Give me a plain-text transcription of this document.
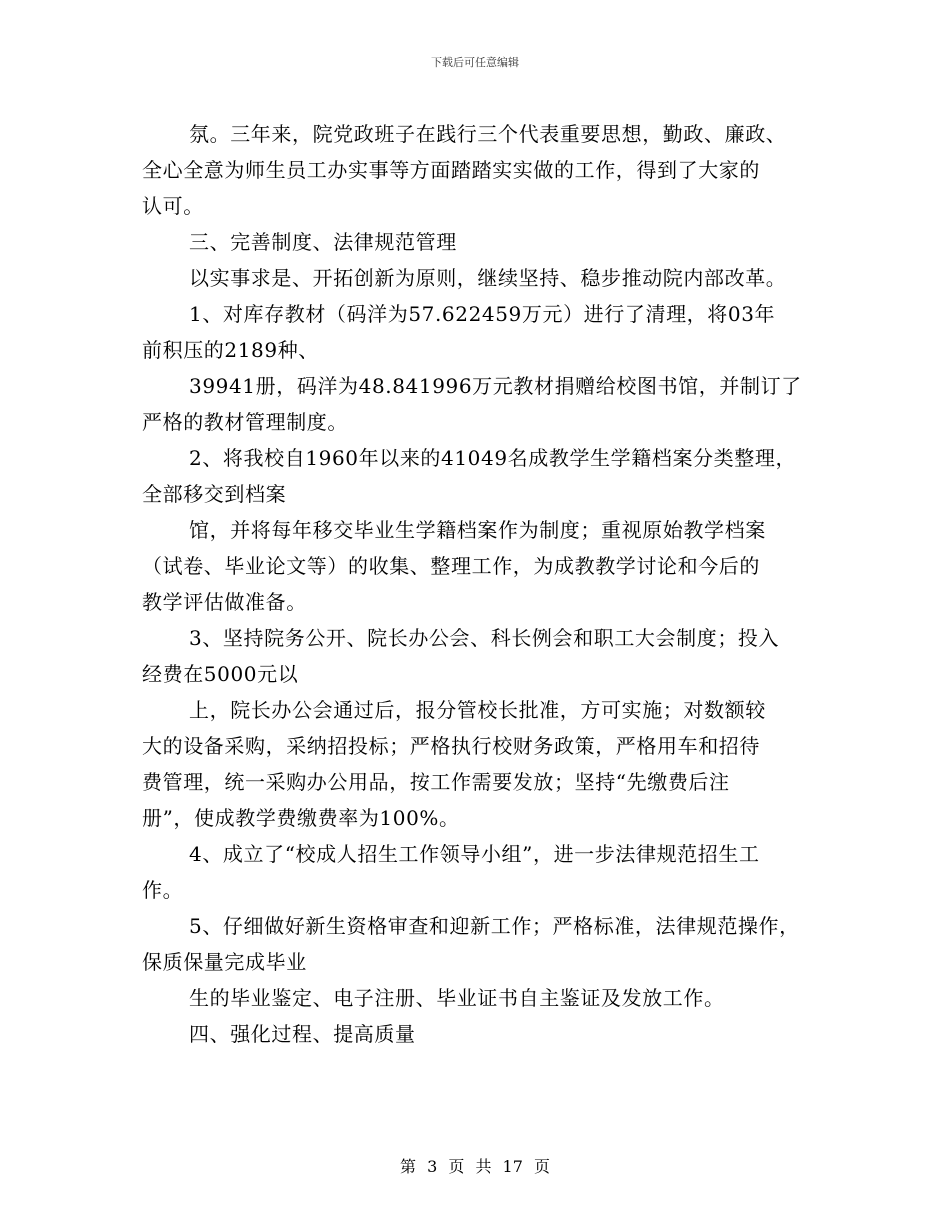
下载后可任意编辑
氛。三年来，院党政班子在践行三个代表重要思想，勤政、廉政、
全心全意为师生员工办实事等方面踏踏实实做的工作，得到了大家的
认可。
三、完善制度、法律规范管理
以实事求是、开拓创新为原则，继续坚持、稳步推动院内部改革。
1、对库存教材（码洋为57.622459万元）进行了清理，将03年
前积压的2189种、
39941册，码洋为48.841996万元教材捐赠给校图书馆，并制订了
严格的教材管理制度。
2、将我校自1960年以来的41049名成教学生学籍档案分类整理，
全部移交到档案
馆，并将每年移交毕业生学籍档案作为制度；重视原始教学档案
（试卷、毕业论文等）的收集、整理工作，为成教教学讨论和今后的
教学评估做准备。
3、坚持院务公开、院长办公会、科长例会和职工大会制度；投入
经费在5000元以
上，院长办公会通过后，报分管校长批准，方可实施；对数额较
大的设备采购，采纳招投标；严格执行校财务政策，严格用车和招待
费管理，统一采购办公用品，按工作需要发放；坚持“先缴费后注
册”，使成教学费缴费率为100%。
4、成立了“校成人招生工作领导小组”，进一步法律规范招生工
作。
5、仔细做好新生资格审查和迎新工作；严格标准，法律规范操作，
保质保量完成毕业
生的毕业鉴定、电子注册、毕业证书自主鉴证及发放工作。
四、强化过程、提高质量
第 3 页 共 17 页
